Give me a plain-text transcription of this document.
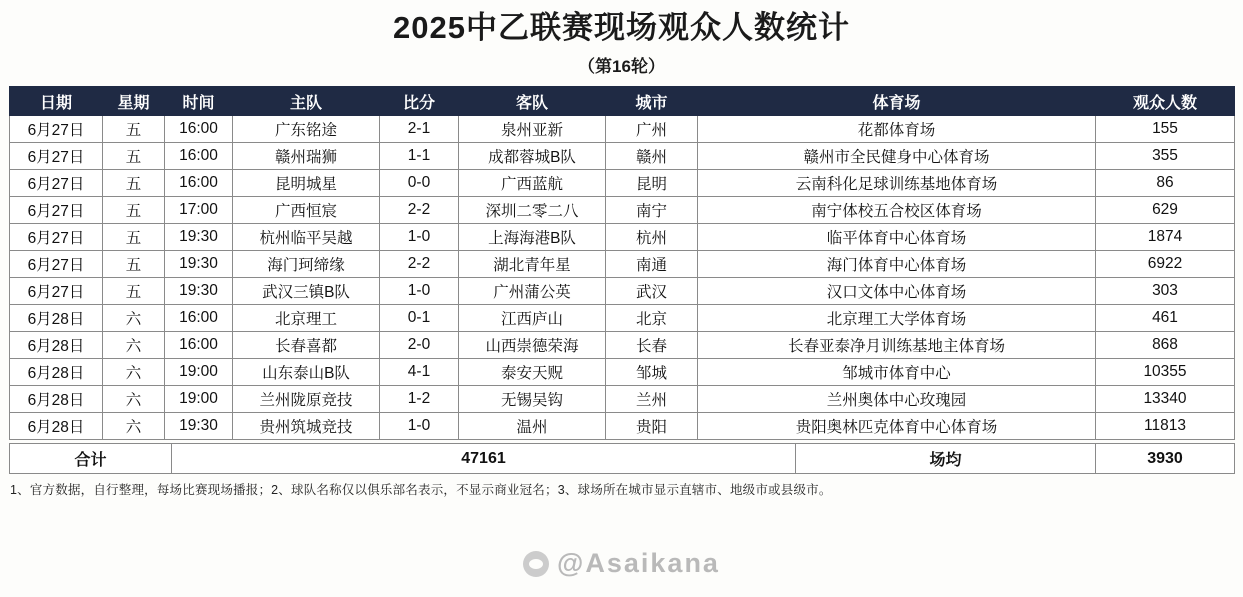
2025中乙联赛现场观众人数统计
（第16轮）
日期	星期	时间	主队	比分	客队	城市	体育场	观众人数
6月27日	五	16:00	广东铭途	2-1	泉州亚新	广州	花都体育场	155
6月27日	五	16:00	赣州瑞狮	1-1	成都蓉城B队	赣州	赣州市全民健身中心体育场	355
6月27日	五	16:00	昆明城星	0-0	广西蓝航	昆明	云南科化足球训练基地体育场	86
6月27日	五	17:00	广西恒宸	2-2	深圳二零二八	南宁	南宁体校五合校区体育场	629
6月27日	五	19:30	杭州临平吴越	1-0	上海海港B队	杭州	临平体育中心体育场	1874
6月27日	五	19:30	海门珂缔缘	2-2	湖北青年星	南通	海门体育中心体育场	6922
6月27日	五	19:30	武汉三镇B队	1-0	广州蒲公英	武汉	汉口文体中心体育场	303
6月28日	六	16:00	北京理工	0-1	江西庐山	北京	北京理工大学体育场	461
6月28日	六	16:00	长春喜都	2-0	山西崇德荣海	长春	长春亚泰净月训练基地主体育场	868
6月28日	六	19:00	山东泰山B队	4-1	泰安天贶	邹城	邹城市体育中心	10355
6月28日	六	19:00	兰州陇原竞技	1-2	无锡吴钩	兰州	兰州奥体中心玫瑰园	13340
6月28日	六	19:30	贵州筑城竞技	1-0	温州	贵阳	贵阳奥林匹克体育中心体育场	11813
合计	47161	场均	3930
1、官方数据，自行整理，每场比赛现场播报；2、球队名称仅以俱乐部名表示，不显示商业冠名；3、球场所在城市显示直辖市、地级市或县级市。
@Asaikana
